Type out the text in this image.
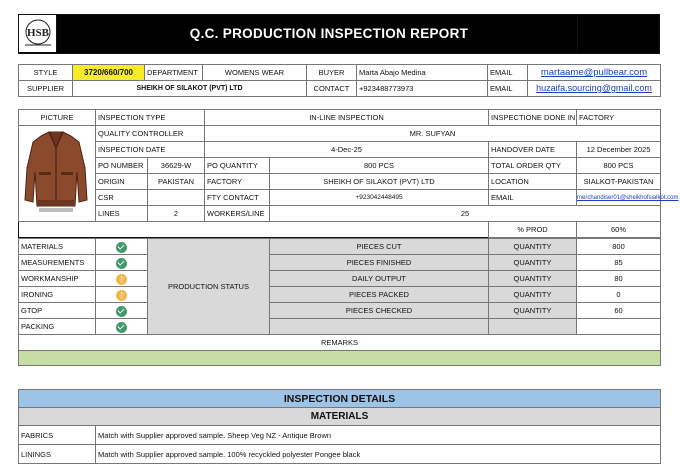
HSB	Q.C. PRODUCTION INSPECTION REPORT	S 2026
STYLE	3720/660/700	DEPARTMENT	WOMENS WEAR	BUYER	Marta Abajo Medina	EMAIL	martaame@pullbear.com
SUPPLIER	SHEIKH OF SILAKOT (PVT) LTD			CONTACT	+923488773973	EMAIL	huzaifa.sourcing@gmail.com
PICTURE	INSPECTION TYPE		IN-LINE INSPECTION		INSPECTIONE DONE IN	FACTORY
	QUALITY CONTROLLER		MR. SUFYAN			
	INSPECTION DATE		4-Dec-25		HANDOVER DATE	12 December 2025
	PO NUMBER	36629-W	PO QUANTITY	800 PCS	TOTAL ORDER QTY	800 PCS
	ORIGIN	PAKISTAN	FACTORY	SHEIKH OF SILAKOT (PVT) LTD	LOCATION	SIALKOT-PAKISTAN
	CSR		FTY CONTACT	+923042448495	EMAIL	merchandiser01@sheikhofsialkot.com
	LINES	2	WORKERS/LINE	25		
					% PROD	60%
MATERIALS		PRODUCTION STATUS	PIECES CUT	QUANTITY	800
MEASUREMENTS			PIECES FINISHED	QUANTITY	85
WORKMANSHIP	!		DAILY OUTPUT	QUANTITY	80
IRONING	!		PIECES PACKED	QUANTITY	0
GTOP			PIECES CHECKED	QUANTITY	60
PACKING					
REMARKS					

INSPECTION DETAILS	
MATERIALS	
FABRICS	Match with Supplier approved sample. Sheep Veg NZ - Antique Brown
LININGS	Match with Supplier approved sample. 100% recyckled polyester Pongee black
